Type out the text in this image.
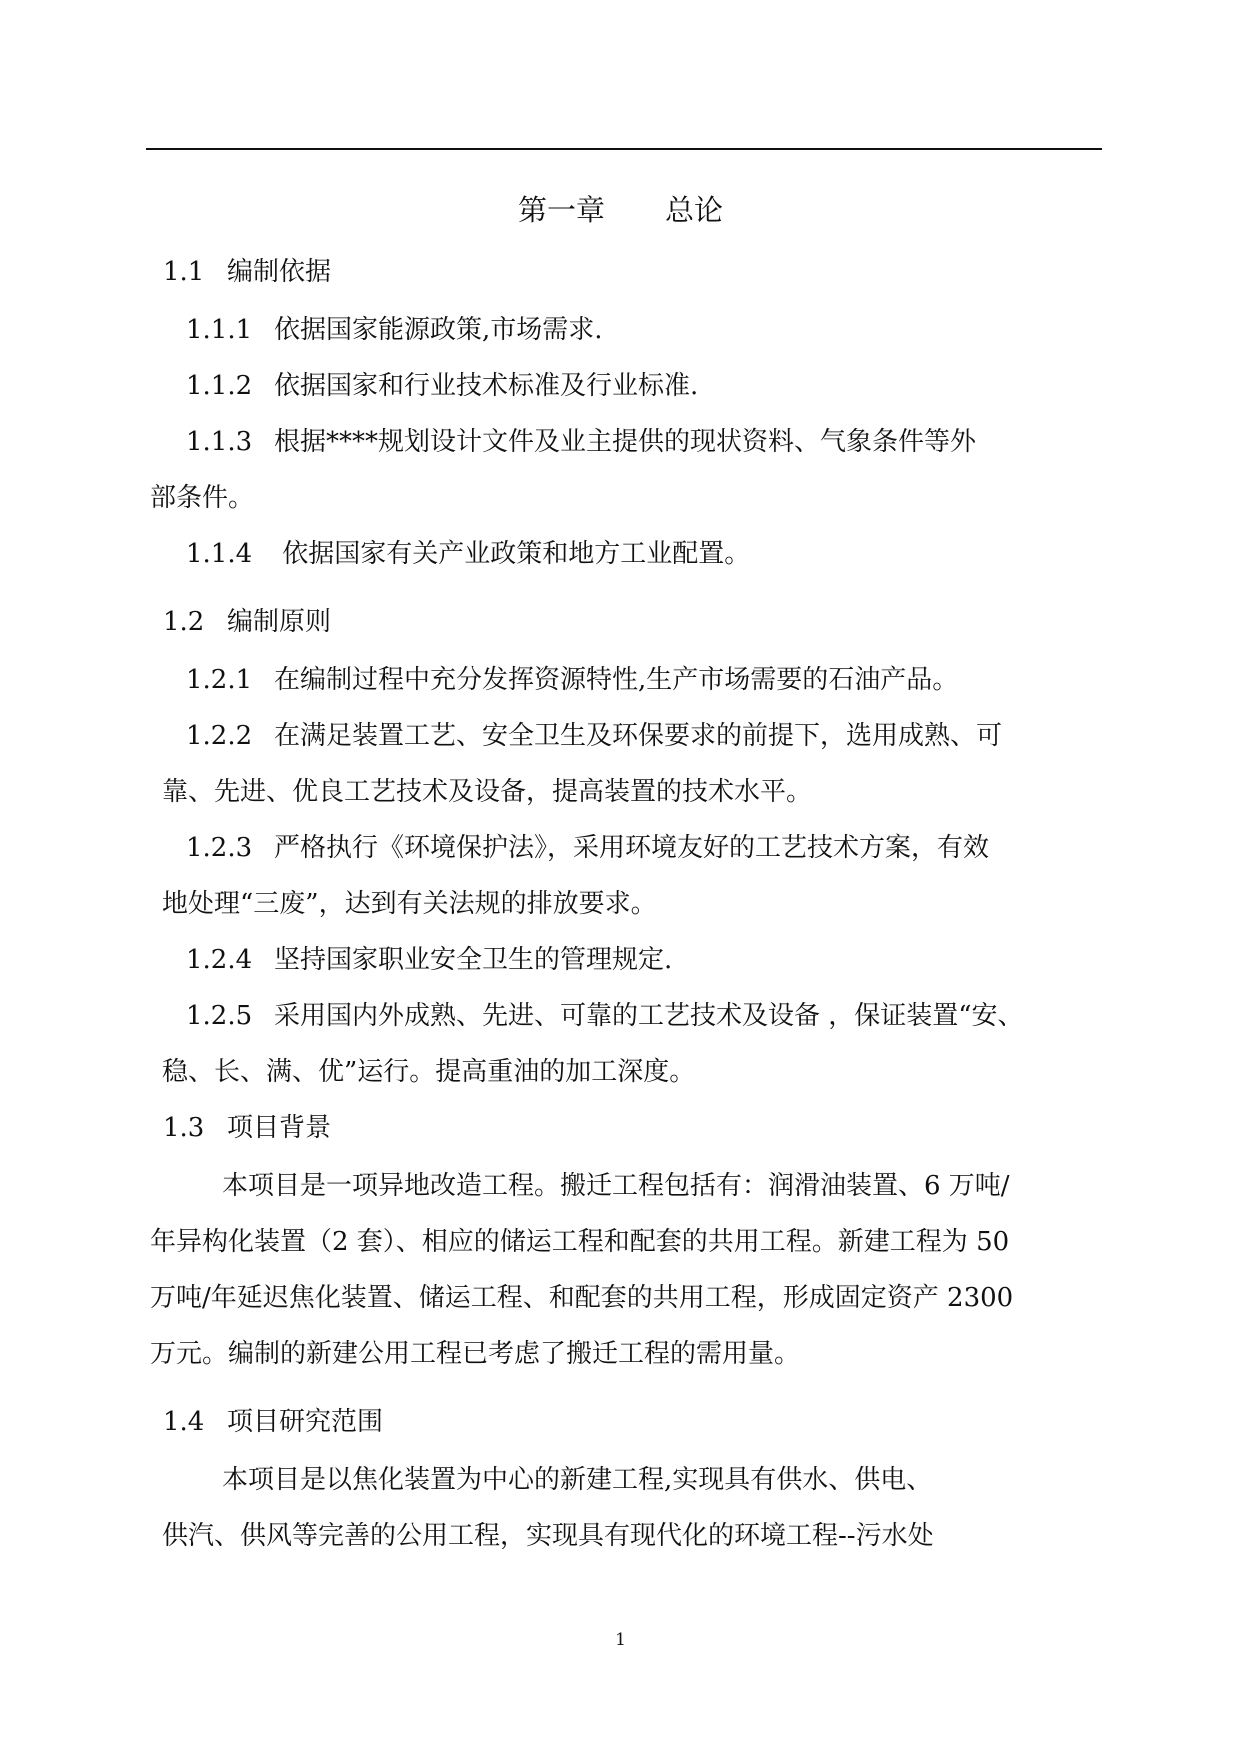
第一章 总论
1.1 编制依据
1.1.1 依据国家能源政策,市场需求.
1.1.2 依据国家和行业技术标准及行业标准.
1.1.3 根据****规划设计文件及业主提供的现状资料、气象条件等外
部条件。
1.1.4 依据国家有关产业政策和地方工业配置。
1.2 编制原则
1.2.1 在编制过程中充分发挥资源特性,生产市场需要的石油产品。
1.2.2 在满足装置工艺、安全卫生及环保要求的前提下，选用成熟、可
靠、先进、优良工艺技术及设备，提高装置的技术水平。
1.2.3 严格执行《环境保护法》，采用环境友好的工艺技术方案，有效
地处理“三废”，达到有关法规的排放要求。
1.2.4 坚持国家职业安全卫生的管理规定.
1.2.5 采用国内外成熟、先进、可靠的工艺技术及设备 ，保证装置“安、
稳、长、满、优”运行。提高重油的加工深度。
1.3 项目背景
本项目是一项异地改造工程。搬迁工程包括有：润滑油装置、6 万吨/
年异构化装置（2 套）、相应的储运工程和配套的共用工程。新建工程为 50
万吨/年延迟焦化装置、储运工程、和配套的共用工程，形成固定资产 2300
万元。编制的新建公用工程已考虑了搬迁工程的需用量。
1.4 项目研究范围
本项目是以焦化装置为中心的新建工程,实现具有供水、供电、
供汽、供风等完善的公用工程，实现具有现代化的环境工程--污水处
1
